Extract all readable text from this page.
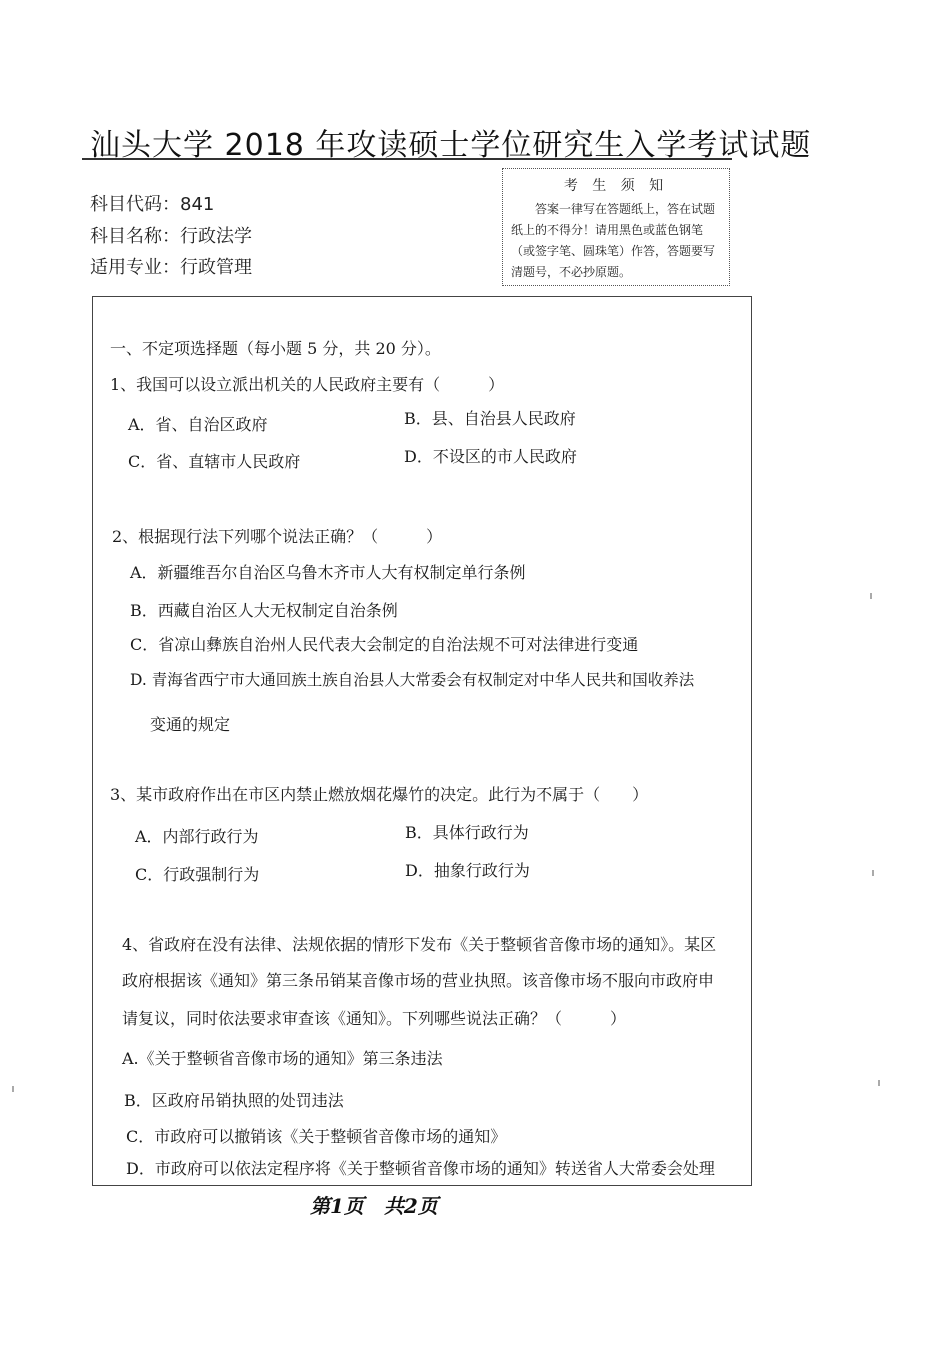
汕头大学 2018 年攻读硕士学位研究生入学考试试题
科目代码：841
科目名称：行政法学
适用专业：行政管理
考 生 须 知
答案一律写在答题纸上，答在试题纸上的不得分！请用黑色或蓝色钢笔（或签字笔、圆珠笔）作答，答题要写清题号，不必抄原题。
一、不定项选择题（每小题 5 分，共 20 分）。
1、我国可以设立派出机关的人民政府主要有（　　　）
A．省、自治区政府	B．县、自治县人民政府
C．省、直辖市人民政府	D．不设区的市人民政府
2、根据现行法下列哪个说法正确？（　　　）
A．新疆维吾尔自治区乌鲁木齐市人大有权制定单行条例
B．西藏自治区人大无权制定自治条例
C．省凉山彝族自治州人民代表大会制定的自治法规不可对法律进行变通
D. 青海省西宁市大通回族土族自治县人大常委会有权制定对中华人民共和国收养法
变通的规定
3、某市政府作出在市区内禁止燃放烟花爆竹的决定。此行为不属于（　　）
A．内部行政行为	B．具体行政行为
C．行政强制行为	D．抽象行政行为
4、省政府在没有法律、法规依据的情形下发布《关于整顿省音像市场的通知》。某区
政府根据该《通知》第三条吊销某音像市场的营业执照。该音像市场不服向市政府申
请复议，同时依法要求审查该《通知》。下列哪些说法正确？（　　　）
A.《关于整顿省音像市场的通知》第三条违法
B．区政府吊销执照的处罚违法
C．市政府可以撤销该《关于整顿省音像市场的通知》
D．市政府可以依法定程序将《关于整顿省音像市场的通知》转送省人大常委会处理
第1页　共2页
